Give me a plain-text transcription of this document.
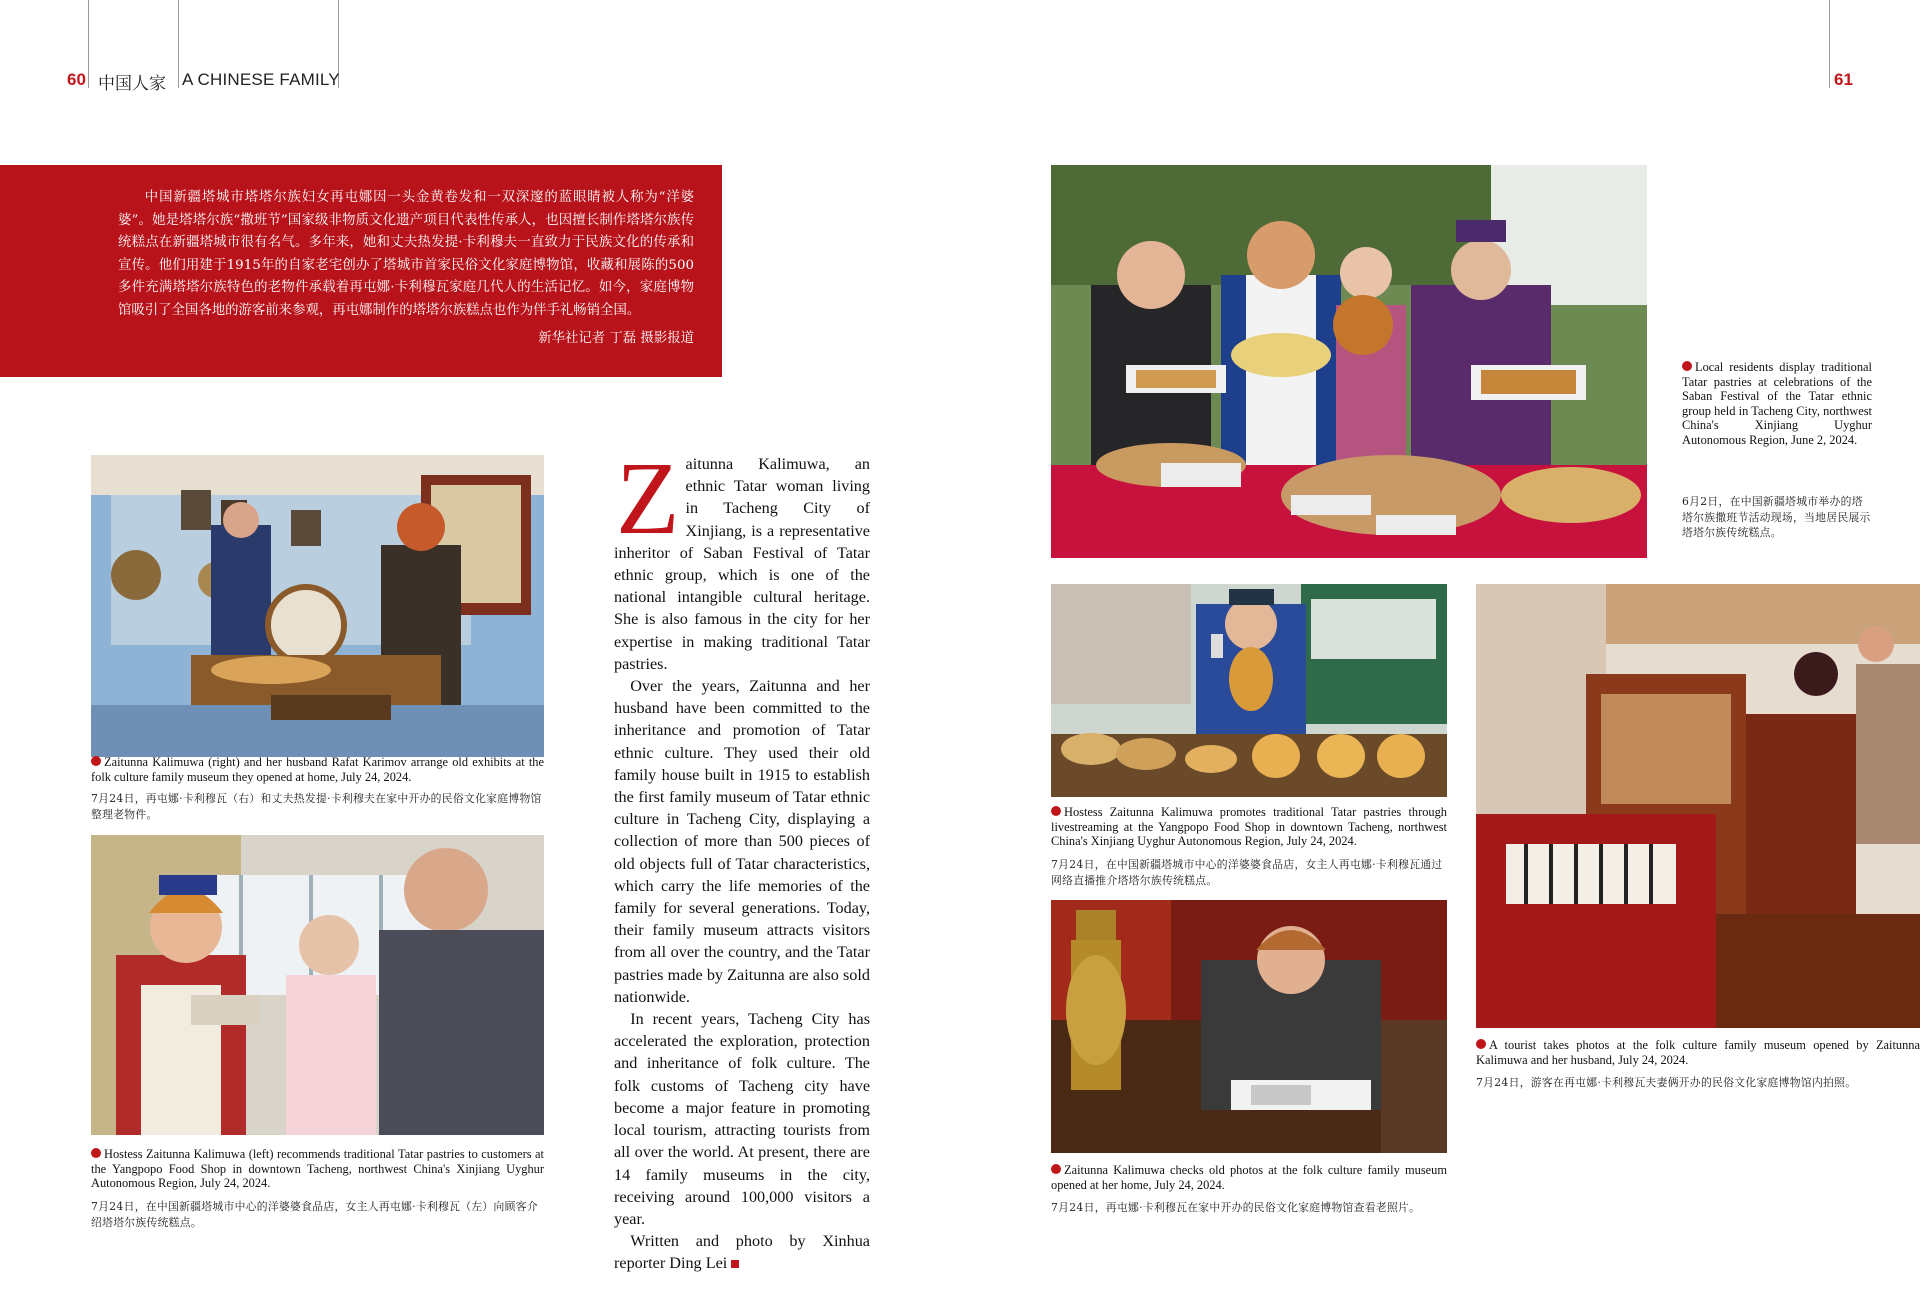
60 中国人家 A CHINESE FAMILY	61
中国新疆塔城市塔塔尔族妇女再屯娜因一头金黄卷发和一双深邃的蓝眼睛被人称为“洋婆婆”。她是塔塔尔族“撒班节”国家级非物质文化遗产项目代表性传承人，也因擅长制作塔塔尔族传统糕点在新疆塔城市很有名气。多年来，她和丈夫热发提·卡利穆夫一直致力于民族文化的传承和宣传。他们用建于1915年的自家老宅创办了塔城市首家民俗文化家庭博物馆，收藏和展陈的500多件充满塔塔尔族特色的老物件承载着再屯娜·卡利穆瓦家庭几代人的生活记忆。如今，家庭博物馆吸引了全国各地的游客前来参观，再屯娜制作的塔塔尔族糕点也作为伴手礼畅销全国。
新华社记者 丁磊 摄影报道
Zaitunna Kalimuwa (right) and her husband Rafat Karimov arrange old exhibits at the folk culture family museum they opened at home, July 24, 2024.
7月24日，再屯娜·卡利穆瓦（右）和丈夫热发提·卡利穆夫在家中开办的民俗文化家庭博物馆整理老物件。
Hostess Zaitunna Kalimuwa (left) recommends traditional Tatar pastries to customers at the Yangpopo Food Shop in downtown Tacheng, northwest China's Xinjiang Uyghur Autonomous Region, July 24, 2024.
7月24日，在中国新疆塔城市中心的洋婆婆食品店，女主人再屯娜·卡利穆瓦（左）向顾客介绍塔塔尔族传统糕点。

Zaitunna Kalimuwa, an ethnic Tatar woman living in Tacheng City of Xinjiang, is a representative inheritor of Saban Festival of Tatar ethnic group, which is one of the national intangible cultural heritage. She is also famous in the city for her expertise in making traditional Tatar pastries.

Over the years, Zaitunna and her husband have been committed to the inheritance and promotion of Tatar ethnic culture. They used their old family house built in 1915 to establish the first family museum of Tatar ethnic culture in Tacheng City, displaying a collection of more than 500 pieces of old objects full of Tatar characteristics, which carry the life memories of the family for several generations. Today, their family museum attracts visitors from all over the country, and the Tatar pastries made by Zaitunna are also sold nationwide.

In recent years, Tacheng City has accelerated the exploration, protection and inheritance of folk culture. The folk customs of Tacheng city have become a major feature in promoting local tourism, attracting tourists from all over the world. At present, there are 14 family museums in the city, receiving around 100,000 visitors a year.

Written and photo by Xinhua reporter Ding Lei

Local residents display traditional Tatar pastries at celebrations of the Saban Festival of the Tatar ethnic group held in Tacheng City, northwest China's Xinjiang Uyghur Autonomous Region, June 2, 2024.
6月2日，在中国新疆塔城市举办的塔塔尔族撒班节活动现场，当地居民展示塔塔尔族传统糕点。
Hostess Zaitunna Kalimuwa promotes traditional Tatar pastries through livestreaming at the Yangpopo Food Shop in downtown Tacheng, northwest China's Xinjiang Uyghur Autonomous Region, July 24, 2024.
7月24日，在中国新疆塔城市中心的洋婆婆食品店，女主人再屯娜·卡利穆瓦通过网络直播推介塔塔尔族传统糕点。
Zaitunna Kalimuwa checks old photos at the folk culture family museum opened at her home, July 24, 2024.
7月24日，再屯娜·卡利穆瓦在家中开办的民俗文化家庭博物馆查看老照片。
A tourist takes photos at the folk culture family museum opened by Zaitunna Kalimuwa and her husband, July 24, 2024.
7月24日，游客在再屯娜·卡利穆瓦夫妻俩开办的民俗文化家庭博物馆内拍照。
